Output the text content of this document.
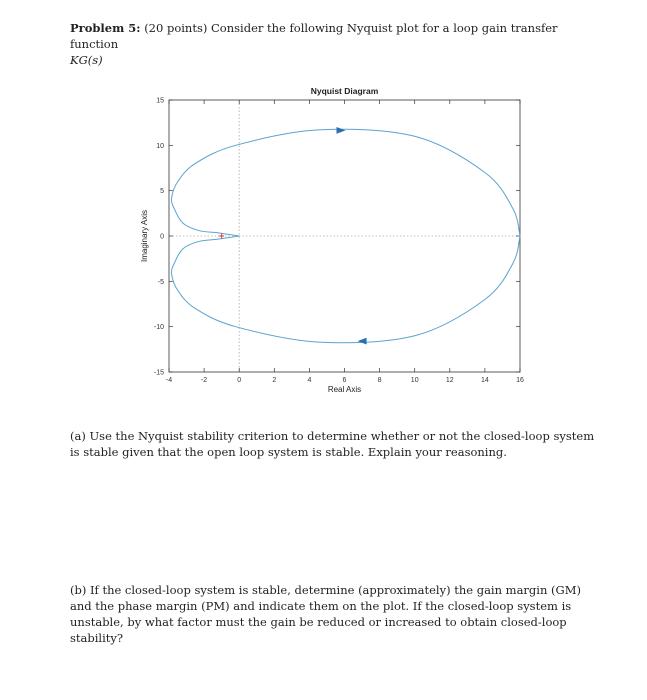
Problem 5: (20 points) Consider the following Nyquist plot for a loop gain transfer function
KG(s)
-4	-2	0	2	4	6	8	10	12	14	16
15
10
5
0
-5
-10
-15
Nyquist Diagram
Real Axis
Imaginary Axis
(a) Use the Nyquist stability criterion to determine whether or not the closed-loop system is stable given that the open loop system is stable. Explain your reasoning.
(b) If the closed-loop system is stable, determine (approximately) the gain margin (GM) and the phase margin (PM) and indicate them on the plot. If the closed-loop system is unstable, by what factor must the gain be reduced or increased to obtain closed-loop stability?
